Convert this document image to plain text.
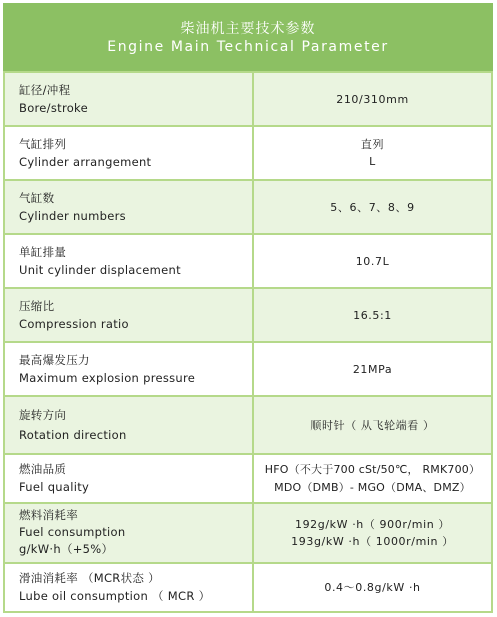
柴油机主要技术参数
Engine Main Technical Parameter
缸径/冲程
Bore/stroke
210/310mm
气缸排列
Cylinder arrangement
直列
L
气缸数
Cylinder numbers
5、6、7、8、9
单缸排量
Unit cylinder displacement
10.7L
压缩比
Compression ratio
16.5:1
最高爆发压力
Maximum explosion pressure
21MPa
旋转方向
Rotation direction
顺时针（ 从飞轮端看 ）
燃油品质
Fuel quality
HFO（不大于700 cSt/50℃， RMK700）
MDO（DMB）- MGO（DMA、DMZ）
燃料消耗率
Fuel consumption
g/kW·h（+5%）
192g/kW ·h（ 900r/min ）
193g/kW ·h（ 1000r/min ）
滑油消耗率 （MCR状态 ）
Lube oil consumption （ MCR ）
0.4～0.8g/kW ·h
